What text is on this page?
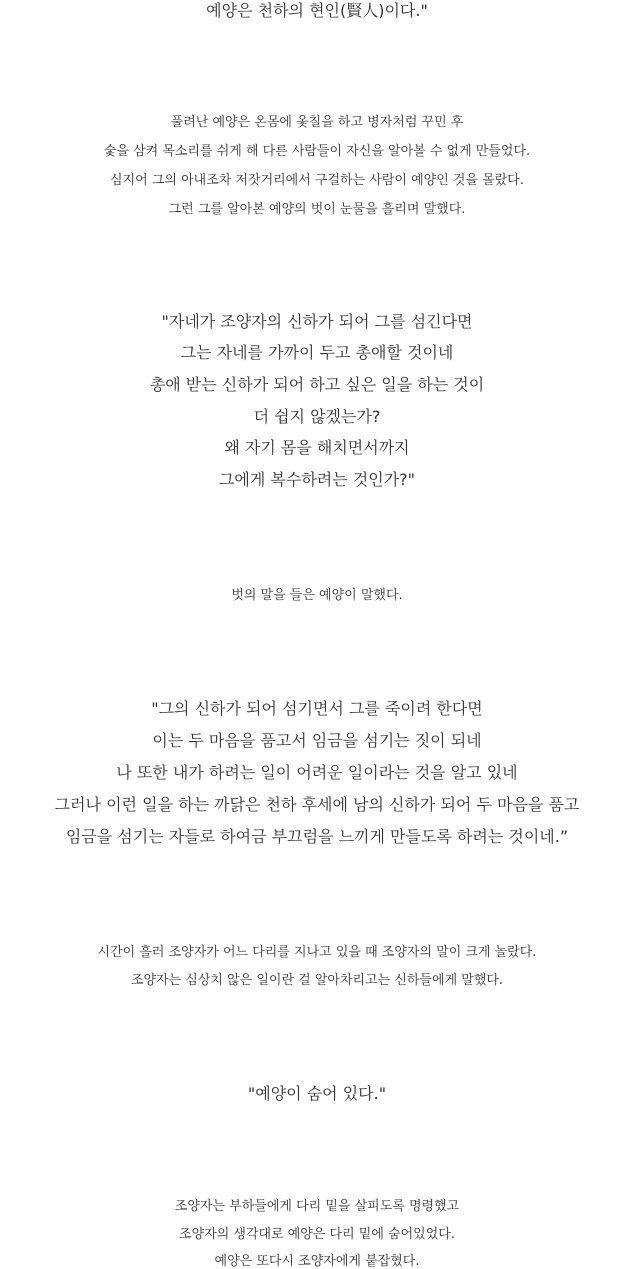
예양은 천하의 현인(賢人)이다."
풀려난 예양은 온몸에 옻칠을 하고 병자처럼 꾸민 후
숯을 삼켜 목소리를 쉬게 해 다른 사람들이 자신을 알아볼 수 없게 만들었다.
심지어 그의 아내조차 저잣거리에서 구걸하는 사람이 예양인 것을 몰랐다.
그런 그를 알아본 예양의 벗이 눈물을 흘리며 말했다.
"자네가 조양자의 신하가 되어 그를 섬긴다면
그는 자네를 가까이 두고 총애할 것이네
총애 받는 신하가 되어 하고 싶은 일을 하는 것이
더 쉽지 않겠는가?
왜 자기 몸을 해치면서까지
그에게 복수하려는 것인가?"
벗의 말을 들은 예양이 말했다.
"그의 신하가 되어 섬기면서 그를 죽이려 한다면
이는 두 마음을 품고서 임금을 섬기는 짓이 되네
나 또한 내가 하려는 일이 어려운 일이라는 것을 알고 있네
그러나 이런 일을 하는 까닭은 천하 후세에 남의 신하가 되어 두 마음을 품고
임금을 섬기는 자들로 하여금 부끄럼을 느끼게 만들도록 하려는 것이네.”
시간이 흘러 조양자가 어느 다리를 지나고 있을 때 조양자의 말이 크게 놀랐다.
조양자는 심상치 않은 일이란 걸 알아차리고는 신하들에게 말했다.
"예양이 숨어 있다."
조양자는 부하들에게 다리 밑을 살피도록 명령했고
조양자의 생각대로 예양은 다리 밑에 숨어있었다.
예양은 또다시 조양자에게 붙잡혔다.
